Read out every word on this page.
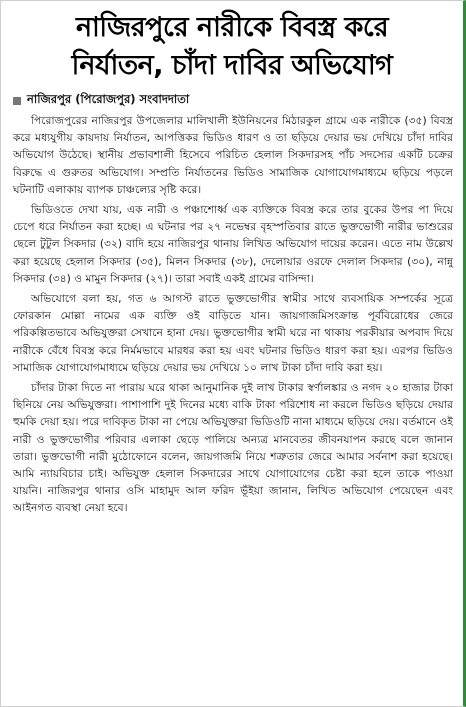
নাজিরপুরে নারীকে বিবস্ত্র করে
নির্যাতন, চাঁদা দাবির অভিযোগ
নাজিরপুর (পিরোজপুর) সংবাদদাতা

পিরোজপুরের নাজিরপুর উপজেলার মালিখালী ইউনিয়নের মিঠারকুল গ্রামে এক নারীকে (৩৫) বিবস্ত্র করে মধ্যযুগীয় কায়দায় নির্যাতন, আপত্তিকর ভিডিও ধারণ ও তা ছড়িয়ে দেয়ার ভয় দেখিয়ে চাঁদা দাবির অভিযোগ উঠেছে। স্থানীয় প্রভাবশালী হিসেবে পরিচিত হেলাল সিকদারসহ পাঁচ সদস্যের একটি চক্রের বিরুদ্ধে এ গুরুতর অভিযোগ। সম্প্রতি নির্যাতনের ভিডিও সামাজিক যোগাযোগমাধ্যমে ছড়িয়ে পড়লে ঘটনাটি এলাকায় ব্যাপক চাঞ্চল্যের সৃষ্টি করে।

ভিডিওতে দেখা যায়, এক নারী ও পঞ্চাশোর্ধ্ব এক ব্যক্তিকে বিবস্ত্র করে তার বুকের উপর পা দিয়ে চেপে ধরে নির্যাতন করা হচ্ছে। এ ঘটনার পর ২৭ নভেম্বর বৃহস্পতিবার রাতে ভুক্তভোগী নারীর ভাশুরের ছেলে টুটুল সিকদার (৩২) বাদি হয়ে নাজিরপুর থানায় লিখিত অভিযোগ দায়ের করেন। এতে নাম উল্লেখ করা হয়েছে হেলাল সিকদার (৩৫), মিলন সিকদার (৩৮), দেলোয়ার ওরফে দেলাল সিকদার (৩০), নান্নু সিকদার (৩৪) ও মামুন সিকদার (২৭)। তারা সবাই একই গ্রামের বাসিন্দা।

অভিযোগে বলা হয়, গত ৬ আগস্ট রাতে ভুক্তভোগীর স্বামীর সাথে ব্যবসায়িক সম্পর্কের সূত্রে ফোরকান মোল্লা নামের এক ব্যক্তি ওই বাড়িতে যান। জায়গাজমিসংক্রান্ত পূর্ববিরোধের জেরে পরিকল্পিতভাবে অভিযুক্তরা সেখানে হানা দেয়। ভুক্তভোগীর স্বামী ঘরে না থাকায় পরকীয়ার অপবাদ দিয়ে নারীকে বেঁধে বিবস্ত্র করে নির্মমভাবে মারধর করা হয় এবং ঘটনার ভিডিও ধারণ করা হয়। এরপর ভিডিও সামাজিক যোগাযোগমাধ্যমে ছড়িয়ে দেয়ার ভয় দেখিয়ে ১০ লাখ টাকা চাঁদা দাবি করা হয়।

চাঁদার টাকা দিতে না পারায় ঘরে থাকা আনুমানিক দুই লাখ টাকার স্বর্ণালঙ্কার ও নগদ ২০ হাজার টাকা ছিনিয়ে নেয় অভিযুক্তরা। পাশাপাশি দুই দিনের মধ্যে বাকি টাকা পরিশোধ না করলে ভিডিও ছড়িয়ে দেয়ার হুমকি দেয়া হয়। পরে দাবিকৃত টাকা না পেয়ে অভিযুক্তরা ভিডিওটি নানা মাধ্যমে ছড়িয়ে দেয়। বর্তমানে ওই নারী ও ভুক্তভোগীর পরিবার এলাকা ছেড়ে পালিয়ে অন্যত্র মানবেতর জীবনযাপন করছে বলে জানান তারা। ভুক্তভোগী নারী মুঠোফোনে বলেন, জায়গাজমি নিয়ে শত্রুতার জেরে আমার সর্বনাশ করা হয়েছে। আমি ন্যায়বিচার চাই। অভিযুক্ত হেলাল সিকদারের সাথে যোগাযোগের চেষ্টা করা হলে তাকে পাওয়া যায়নি। নাজিরপুর থানার ওসি মাহামুদ আল ফরিদ ভূঁইয়া জানান, লিখিত অভিযোগ পেয়েছেন এবং আইনগত ব্যবস্থা নেয়া হবে।
